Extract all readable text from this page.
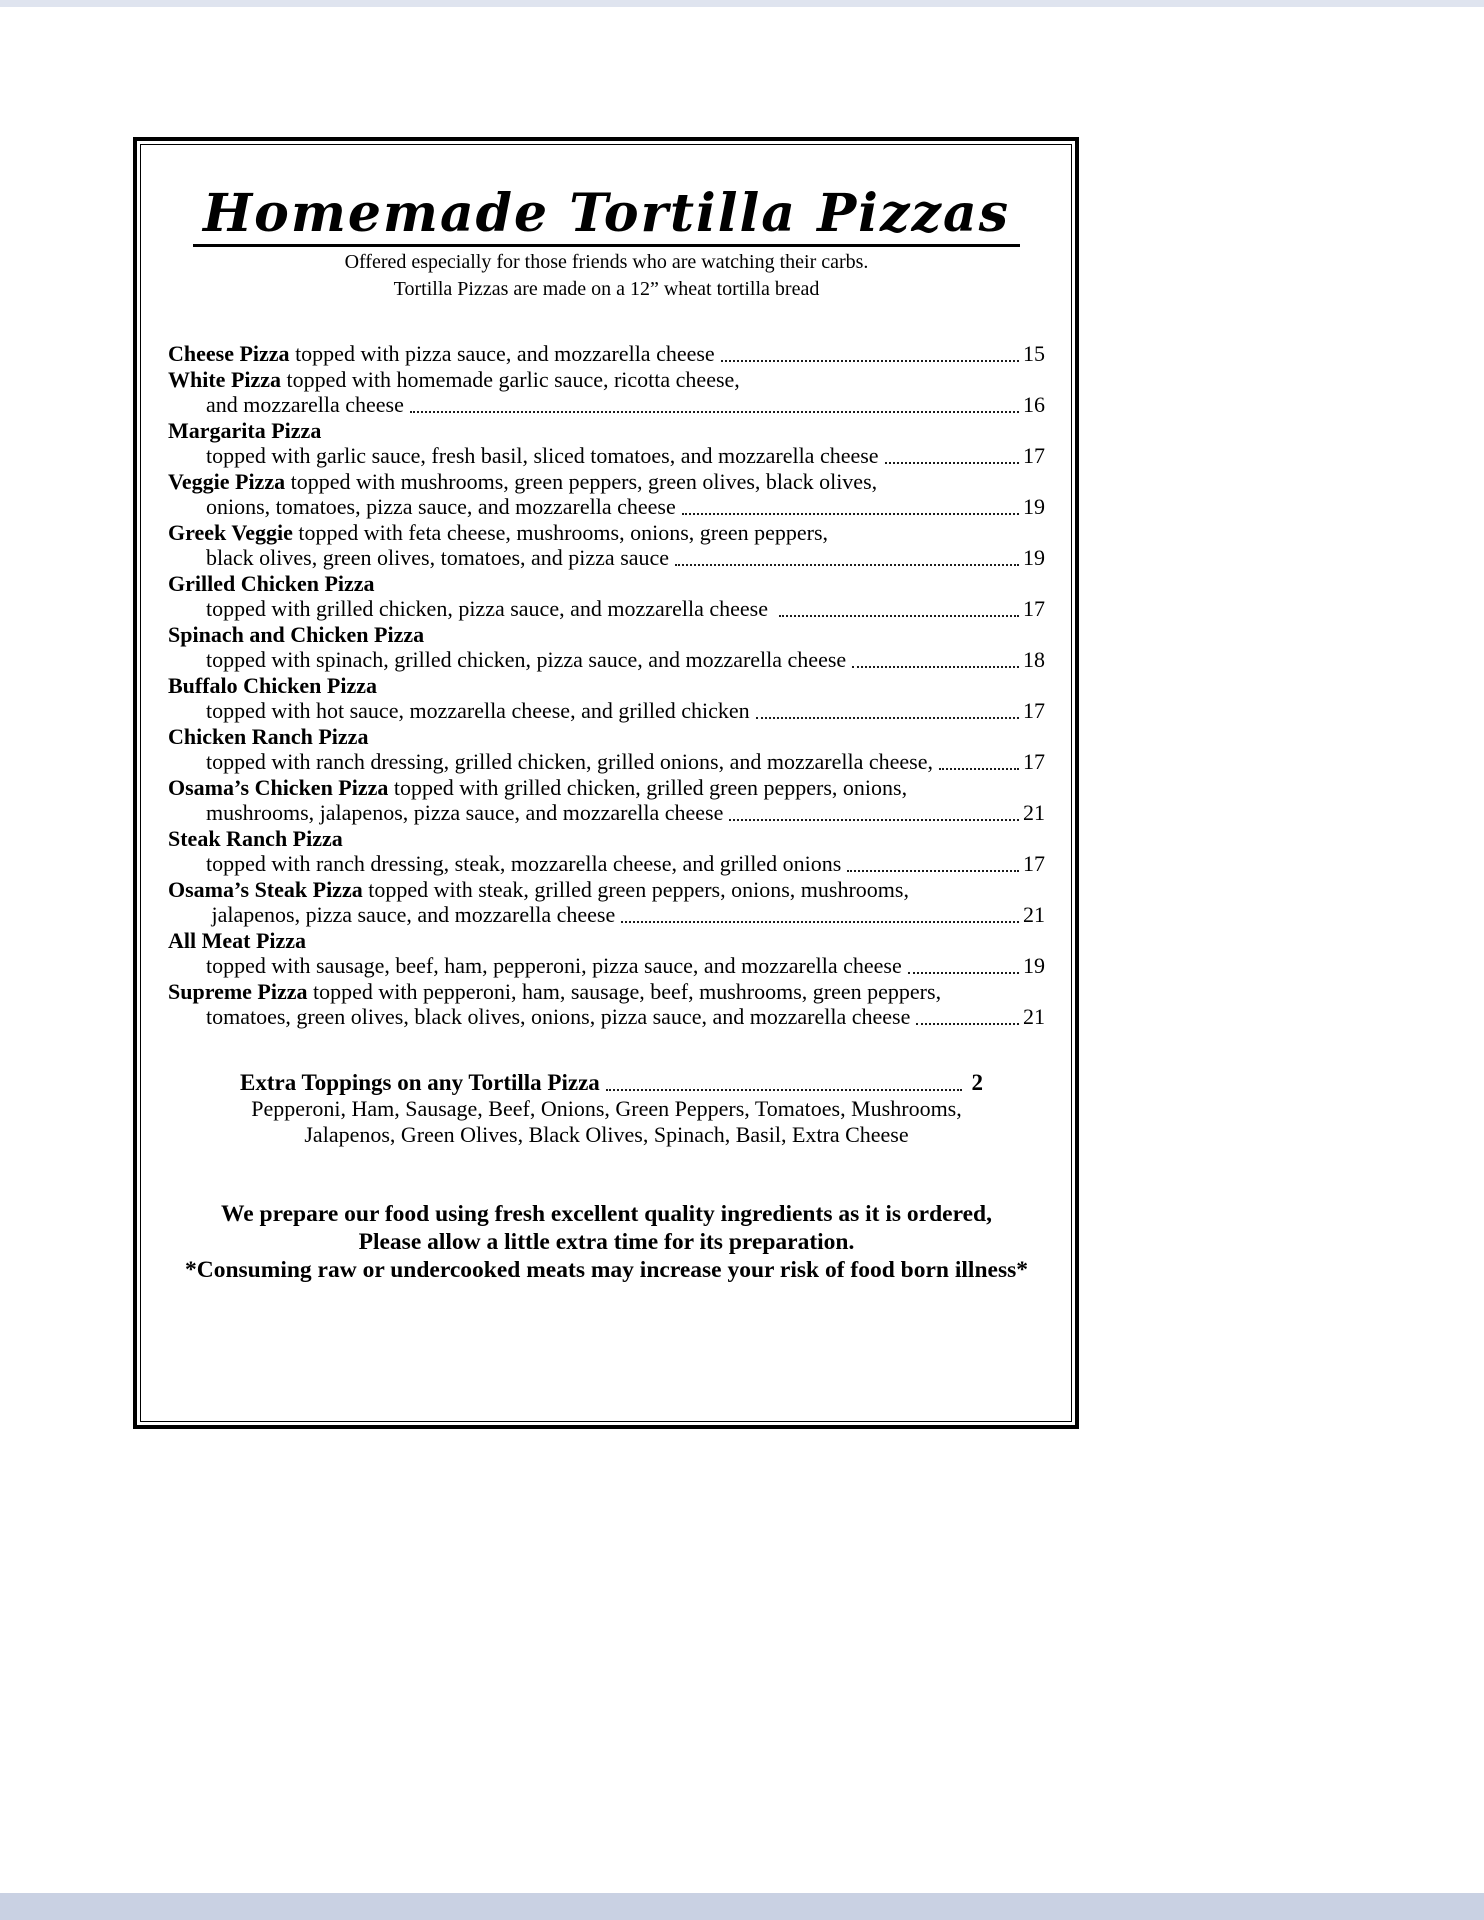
Homemade Tortilla Pizzas
Offered especially for those friends who are watching their carbs.
Tortilla Pizzas are made on a 12” wheat tortilla bread
Cheese Pizza topped with pizza sauce, and mozzarella cheese	15
White Pizza topped with homemade garlic sauce, ricotta cheese,
and mozzarella cheese	16
Margarita Pizza
topped with garlic sauce, fresh basil, sliced tomatoes, and mozzarella cheese	17
Veggie Pizza topped with mushrooms, green peppers, green olives, black olives,
onions, tomatoes, pizza sauce, and mozzarella cheese	19
Greek Veggie topped with feta cheese, mushrooms, onions, green peppers,
black olives, green olives, tomatoes, and pizza sauce	19
Grilled Chicken Pizza
topped with grilled chicken, pizza sauce, and mozzarella cheese	17
Spinach and Chicken Pizza
topped with spinach, grilled chicken, pizza sauce, and mozzarella cheese	18
Buffalo Chicken Pizza
topped with hot sauce, mozzarella cheese, and grilled chicken	17
Chicken Ranch Pizza
topped with ranch dressing, grilled chicken, grilled onions, and mozzarella cheese,	17
Osama’s Chicken Pizza topped with grilled chicken, grilled green peppers, onions,
mushrooms, jalapenos, pizza sauce, and mozzarella cheese	21
Steak Ranch Pizza
topped with ranch dressing, steak, mozzarella cheese, and grilled onions	17
Osama’s Steak Pizza topped with steak, grilled green peppers, onions, mushrooms,
jalapenos, pizza sauce, and mozzarella cheese	21
All Meat Pizza
topped with sausage, beef, ham, pepperoni, pizza sauce, and mozzarella cheese	19
Supreme Pizza topped with pepperoni, ham, sausage, beef, mushrooms, green peppers,
tomatoes, green olives, black olives, onions, pizza sauce, and mozzarella cheese	21
Extra Toppings on any Tortilla Pizza	2
Pepperoni, Ham, Sausage, Beef, Onions, Green Peppers, Tomatoes, Mushrooms,
Jalapenos, Green Olives, Black Olives, Spinach, Basil, Extra Cheese
We prepare our food using fresh excellent quality ingredients as it is ordered,
Please allow a little extra time for its preparation.
*Consuming raw or undercooked meats may increase your risk of food born illness*
